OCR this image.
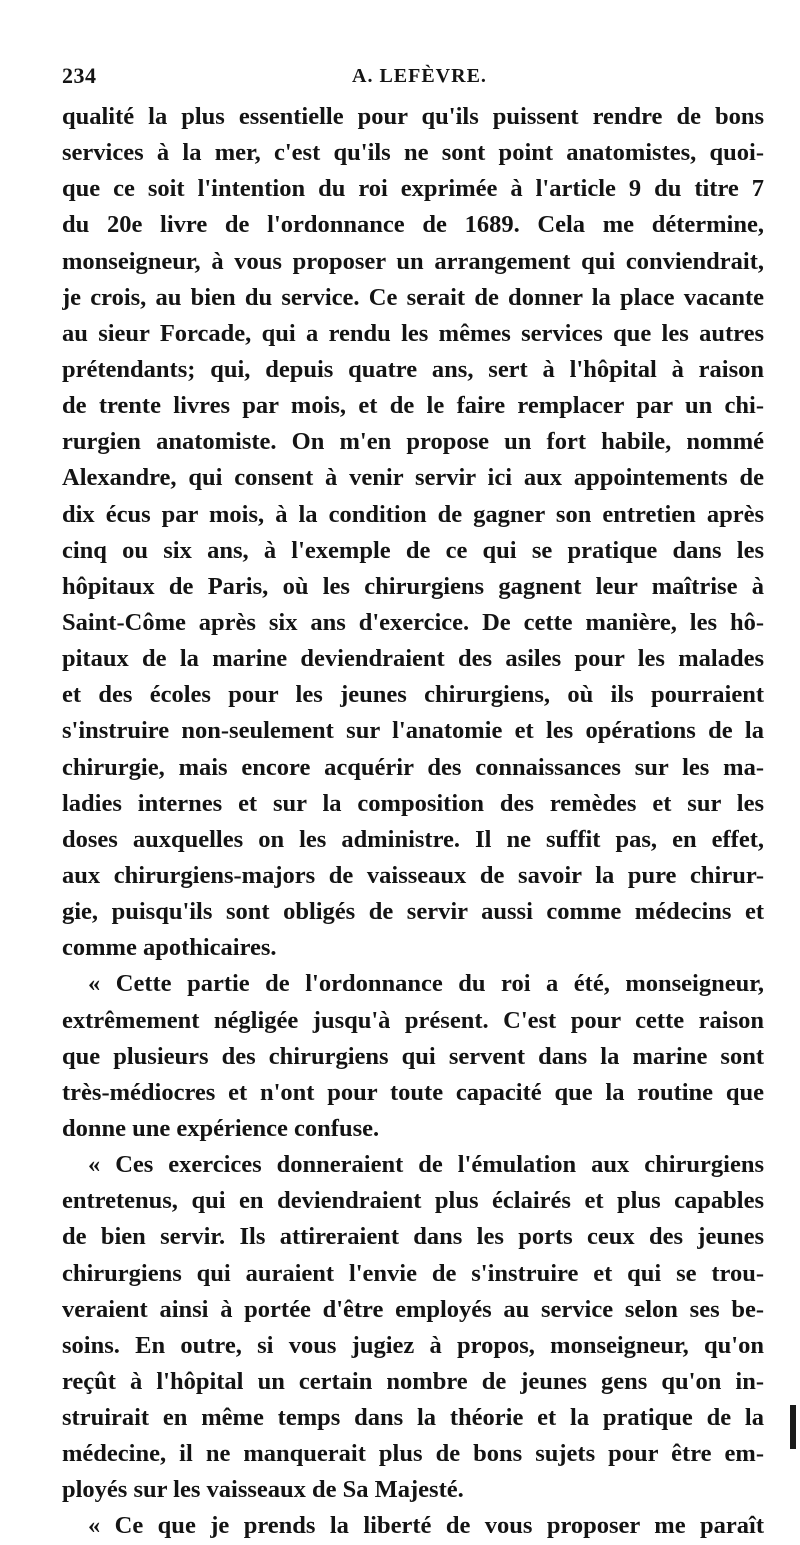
234	A. LEFÈVRE.
qualité la plus essentielle pour qu'ils puissent rendre de bons
services à la mer, c'est qu'ils ne sont point anatomistes, quoi-
que ce soit l'intention du roi exprimée à l'article 9 du titre 7
du 20e livre de l'ordonnance de 1689. Cela me détermine,
monseigneur, à vous proposer un arrangement qui conviendrait,
je crois, au bien du service. Ce serait de donner la place vacante
au sieur Forcade, qui a rendu les mêmes services que les autres
prétendants; qui, depuis quatre ans, sert à l'hôpital à raison
de trente livres par mois, et de le faire remplacer par un chi-
rurgien anatomiste. On m'en propose un fort habile, nommé
Alexandre, qui consent à venir servir ici aux appointements de
dix écus par mois, à la condition de gagner son entretien après
cinq ou six ans, à l'exemple de ce qui se pratique dans les
hôpitaux de Paris, où les chirurgiens gagnent leur maîtrise à
Saint-Côme après six ans d'exercice. De cette manière, les hô-
pitaux de la marine deviendraient des asiles pour les malades
et des écoles pour les jeunes chirurgiens, où ils pourraient
s'instruire non-seulement sur l'anatomie et les opérations de la
chirurgie, mais encore acquérir des connaissances sur les ma-
ladies internes et sur la composition des remèdes et sur les
doses auxquelles on les administre. Il ne suffit pas, en effet,
aux chirurgiens-majors de vaisseaux de savoir la pure chirur-
gie, puisqu'ils sont obligés de servir aussi comme médecins et
comme apothicaires.
« Cette partie de l'ordonnance du roi a été, monseigneur,
extrêmement négligée jusqu'à présent. C'est pour cette raison
que plusieurs des chirurgiens qui servent dans la marine sont
très-médiocres et n'ont pour toute capacité que la routine que
donne une expérience confuse.
« Ces exercices donneraient de l'émulation aux chirurgiens
entretenus, qui en deviendraient plus éclairés et plus capables
de bien servir. Ils attireraient dans les ports ceux des jeunes
chirurgiens qui auraient l'envie de s'instruire et qui se trou-
veraient ainsi à portée d'être employés au service selon ses be-
soins. En outre, si vous jugiez à propos, monseigneur, qu'on
reçût à l'hôpital un certain nombre de jeunes gens qu'on in-
struirait en même temps dans la théorie et la pratique de la
médecine, il ne manquerait plus de bons sujets pour être em-
ployés sur les vaisseaux de Sa Majesté.
« Ce que je prends la liberté de vous proposer me paraît
